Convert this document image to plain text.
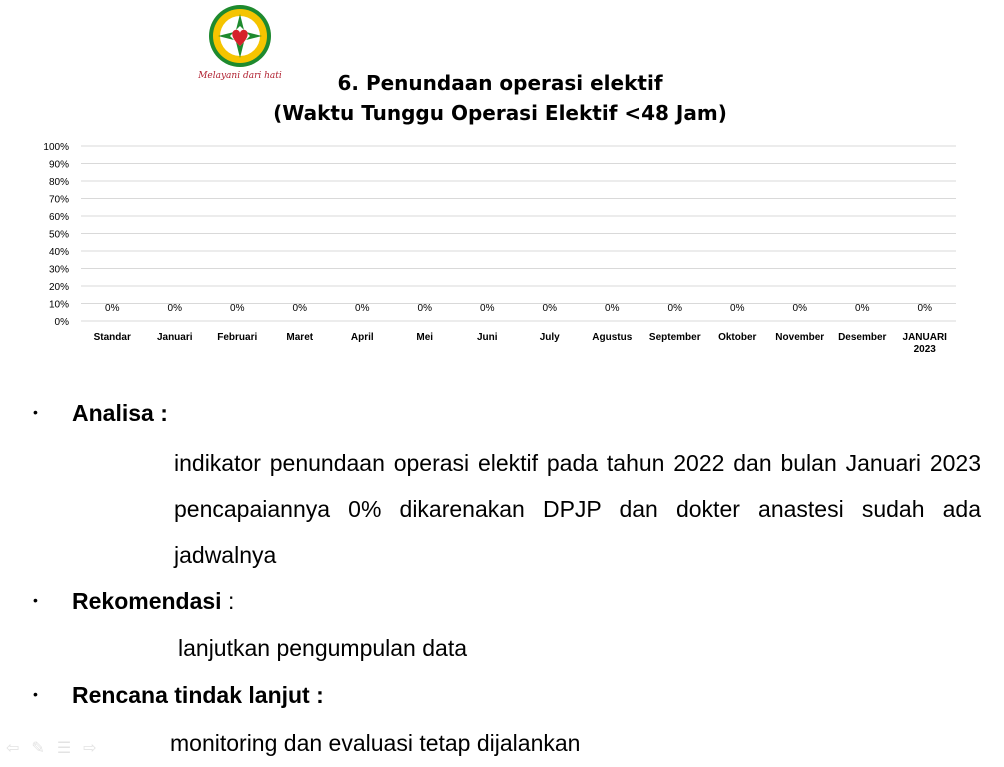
Melayani dari hati	6. Penundaan operasi elektif
(Waktu Tunggu Operasi Elektif <48 Jam)
0%
10%
20%
30%
40%
50%
60%
70%
80%
90%
100%
0%
Standar
0%
Januari
0%
Februari
0%
Maret
0%
April
0%
Mei
0%
Juni
0%
July
0%
Agustus
0%
September
0%
Oktober
0%
November
0%
Desember
0%
JANUARI
2023
• Analisa :
indikator penundaan operasi elektif pada tahun 2022 dan bulan Januari 2023 pencapaiannya 0% dikarenakan DPJP dan dokter anastesi sudah ada jadwalnya
• Rekomendasi :
lanjutkan pengumpulan data
• Rencana tindak lanjut :
monitoring dan evaluasi tetap dijalankan
⇦ ✎ ☰ ⇨
